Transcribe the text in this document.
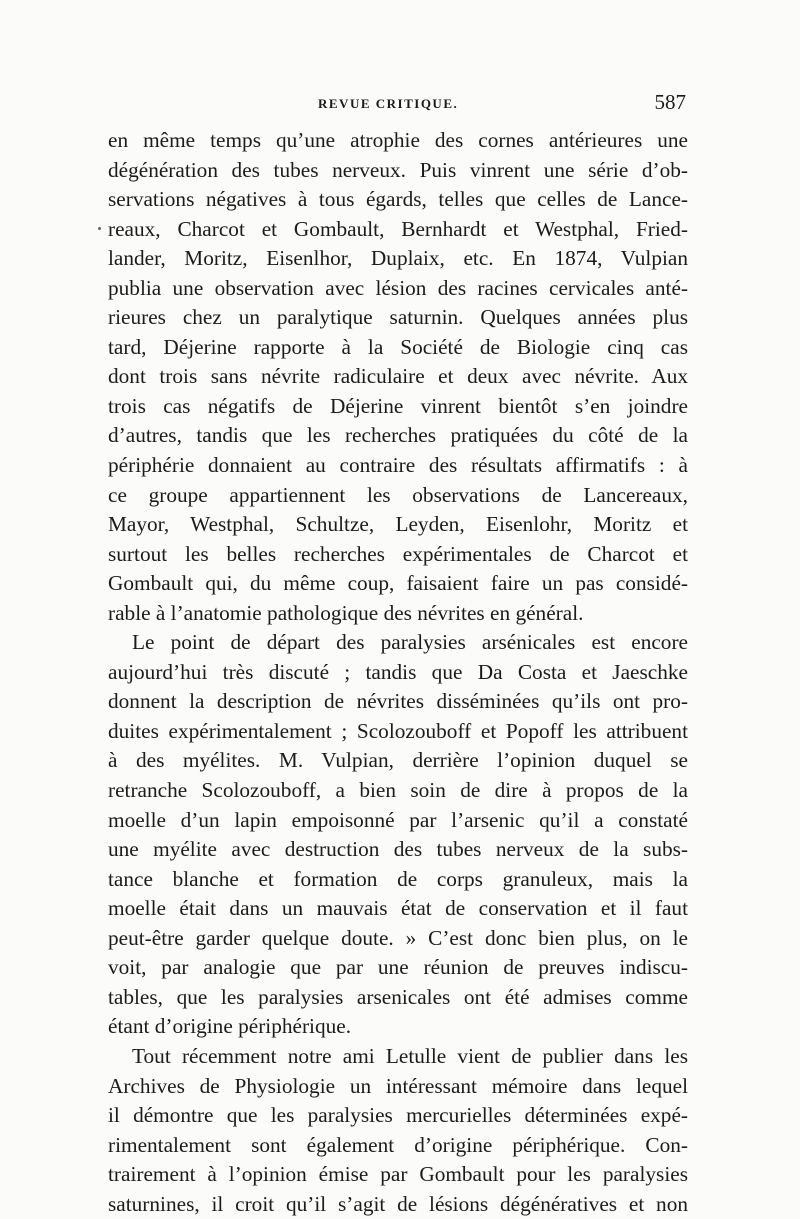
REVUE CRITIQUE.	587
en même temps qu’une atrophie des cornes antérieures une
dégénération des tubes nerveux. Puis vinrent une série d’ob-
servations négatives à tous égards, telles que celles de Lance-
reaux, Charcot et Gombault, Bernhardt et Westphal, Fried-
lander, Moritz, Eisenlhor, Duplaix, etc. En 1874, Vulpian
publia une observation avec lésion des racines cervicales anté-
rieures chez un paralytique saturnin. Quelques années plus
tard, Déjerine rapporte à la Société de Biologie cinq cas
dont trois sans névrite radiculaire et deux avec névrite. Aux
trois cas négatifs de Déjerine vinrent bientôt s’en joindre
d’autres, tandis que les recherches pratiquées du côté de la
périphérie donnaient au contraire des résultats affirmatifs : à
ce groupe appartiennent les observations de Lancereaux,
Mayor, Westphal, Schultze, Leyden, Eisenlohr, Moritz et
surtout les belles recherches expérimentales de Charcot et
Gombault qui, du même coup, faisaient faire un pas considé-
rable à l’anatomie pathologique des névrites en général.
Le point de départ des paralysies arsénicales est encore
aujourd’hui très discuté ; tandis que Da Costa et Jaeschke
donnent la description de névrites disséminées qu’ils ont pro-
duites expérimentalement ; Scolozouboff et Popoff les attribuent
à des myélites. M. Vulpian, derrière l’opinion duquel se
retranche Scolozouboff, a bien soin de dire à propos de la
moelle d’un lapin empoisonné par l’arsenic qu’il a constaté
une myélite avec destruction des tubes nerveux de la subs-
tance blanche et formation de corps granuleux, mais la
moelle était dans un mauvais état de conservation et il faut
peut-être garder quelque doute. » C’est donc bien plus, on le
voit, par analogie que par une réunion de preuves indiscu-
tables, que les paralysies arsenicales ont été admises comme
étant d’origine périphérique.
Tout récemment notre ami Letulle vient de publier dans les
Archives de Physiologie un intéressant mémoire dans lequel
il démontre que les paralysies mercurielles déterminées expé-
rimentalement sont également d’origine périphérique. Con-
trairement à l’opinion émise par Gombault pour les paralysies
saturnines, il croit qu’il s’agit de lésions dégénératives et non
